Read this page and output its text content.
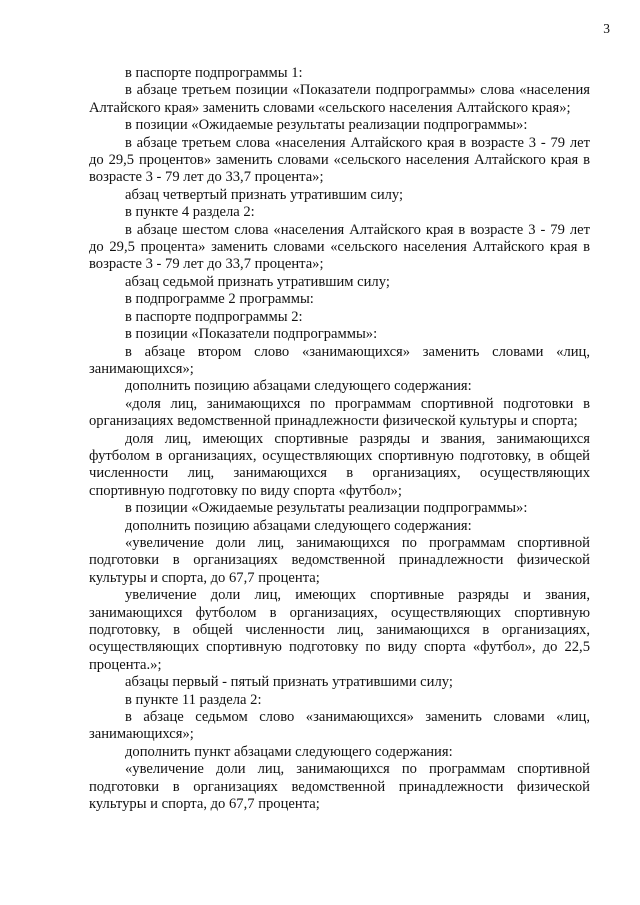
3

в паспорте подпрограммы 1:

в абзаце третьем позиции «Показатели подпрограммы» слова «населения Алтайского края» заменить словами «сельского населения Алтайского края»;

в позиции «Ожидаемые результаты реализации подпрограммы»:

в абзаце третьем слова «населения Алтайского края в возрасте 3 - 79 лет до 29,5 процентов» заменить словами «сельского населения Алтайского края в возрасте 3 - 79 лет до 33,7 процента»;

абзац четвертый признать утратившим силу;

в пункте 4 раздела 2:

в абзаце шестом слова «населения Алтайского края в возрасте 3 - 79 лет до 29,5 процента» заменить словами «сельского населения Алтайского края в возрасте 3 - 79 лет до 33,7 процента»;

абзац седьмой признать утратившим силу;

в подпрограмме 2 программы:

в паспорте подпрограммы 2:

в позиции «Показатели подпрограммы»:

в абзаце втором слово «занимающихся» заменить словами «лиц, занимающихся»;

дополнить позицию абзацами следующего содержания:

«доля лиц, занимающихся по программам спортивной подготовки в организациях ведомственной принадлежности физической культуры и спорта;

доля лиц, имеющих спортивные разряды и звания, занимающихся футболом в организациях, осуществляющих спортивную подготовку, в общей численности лиц, занимающихся в организациях, осуществляющих спортивную подготовку по виду спорта «футбол»;

в позиции «Ожидаемые результаты реализации подпрограммы»:

дополнить позицию абзацами следующего содержания:

«увеличение доли лиц, занимающихся по программам спортивной подготовки в организациях ведомственной принадлежности физической культуры и спорта, до 67,7 процента;

увеличение доли лиц, имеющих спортивные разряды и звания, занимающихся футболом в организациях, осуществляющих спортивную подготовку, в общей численности лиц, занимающихся в организациях, осуществляющих спортивную подготовку по виду спорта «футбол», до 22,5 процента.»;

абзацы первый - пятый признать утратившими силу;

в пункте 11 раздела 2:

в абзаце седьмом слово «занимающихся» заменить словами «лиц, занимающихся»;

дополнить пункт абзацами следующего содержания:

«увеличение доли лиц, занимающихся по программам спортивной подготовки в организациях ведомственной принадлежности физической культуры и спорта, до 67,7 процента;
